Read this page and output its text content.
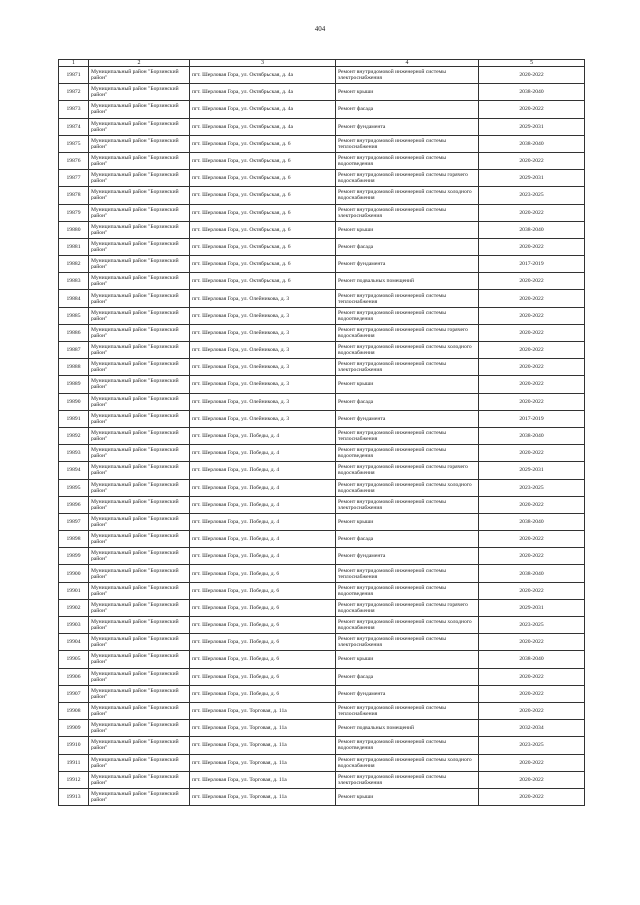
404
1	2	3	4	5
19871	Муниципальный район "Борзинский район"	пгт. Шерловая Гора, ул. Октябрьская, д. 4а	Ремонт внутридомовой инженерной системы электроснабжения	2020-2022
19872	Муниципальный район "Борзинский район"	пгт. Шерловая Гора, ул. Октябрьская, д. 4а	Ремонт крыши	2038-2040
19873	Муниципальный район "Борзинский район"	пгт. Шерловая Гора, ул. Октябрьская, д. 4а	Ремонт фасада	2020-2022
19874	Муниципальный район "Борзинский район"	пгт. Шерловая Гора, ул. Октябрьская, д. 4а	Ремонт фундамента	2029-2031
19875	Муниципальный район "Борзинский район"	пгт. Шерловая Гора, ул. Октябрьская, д. 6	Ремонт внутридомовой инженерной системы теплоснабжения	2038-2040
19876	Муниципальный район "Борзинский район"	пгт. Шерловая Гора, ул. Октябрьская, д. 6	Ремонт внутридомовой инженерной системы водоотведения	2020-2022
19877	Муниципальный район "Борзинский район"	пгт. Шерловая Гора, ул. Октябрьская, д. 6	Ремонт внутридомовой инженерной системы горячего водоснабжения	2029-2031
19878	Муниципальный район "Борзинский район"	пгт. Шерловая Гора, ул. Октябрьская, д. 6	Ремонт внутридомовой инженерной системы холодного водоснабжения	2023-2025
19879	Муниципальный район "Борзинский район"	пгт. Шерловая Гора, ул. Октябрьская, д. 6	Ремонт внутридомовой инженерной системы электроснабжения	2020-2022
19880	Муниципальный район "Борзинский район"	пгт. Шерловая Гора, ул. Октябрьская, д. 6	Ремонт крыши	2038-2040
19881	Муниципальный район "Борзинский район"	пгт. Шерловая Гора, ул. Октябрьская, д. 6	Ремонт фасада	2020-2022
19882	Муниципальный район "Борзинский район"	пгт. Шерловая Гора, ул. Октябрьская, д. 6	Ремонт фундамента	2017-2019
19883	Муниципальный район "Борзинский район"	пгт. Шерловая Гора, ул. Октябрьская, д. 6	Ремонт подвальных помещений	2020-2022
19884	Муниципальный район "Борзинский район"	пгт. Шерловая Гора, ул. Олейникова, д. 3	Ремонт внутридомовой инженерной системы теплоснабжения	2020-2022
19885	Муниципальный район "Борзинский район"	пгт. Шерловая Гора, ул. Олейникова, д. 3	Ремонт внутридомовой инженерной системы водоотведения	2020-2022
19886	Муниципальный район "Борзинский район"	пгт. Шерловая Гора, ул. Олейникова, д. 3	Ремонт внутридомовой инженерной системы горячего водоснабжения	2020-2022
19887	Муниципальный район "Борзинский район"	пгт. Шерловая Гора, ул. Олейникова, д. 3	Ремонт внутридомовой инженерной системы холодного водоснабжения	2020-2022
19888	Муниципальный район "Борзинский район"	пгт. Шерловая Гора, ул. Олейникова, д. 3	Ремонт внутридомовой инженерной системы электроснабжения	2020-2022
19889	Муниципальный район "Борзинский район"	пгт. Шерловая Гора, ул. Олейникова, д. 3	Ремонт крыши	2020-2022
19890	Муниципальный район "Борзинский район"	пгт. Шерловая Гора, ул. Олейникова, д. 3	Ремонт фасада	2020-2022
19891	Муниципальный район "Борзинский район"	пгт. Шерловая Гора, ул. Олейникова, д. 3	Ремонт фундамента	2017-2019
19892	Муниципальный район "Борзинский район"	пгт. Шерловая Гора, ул. Победы, д. 4	Ремонт внутридомовой инженерной системы теплоснабжения	2038-2040
19893	Муниципальный район "Борзинский район"	пгт. Шерловая Гора, ул. Победы, д. 4	Ремонт внутридомовой инженерной системы водоотведения	2020-2022
19894	Муниципальный район "Борзинский район"	пгт. Шерловая Гора, ул. Победы, д. 4	Ремонт внутридомовой инженерной системы горячего водоснабжения	2029-2031
19895	Муниципальный район "Борзинский район"	пгт. Шерловая Гора, ул. Победы, д. 4	Ремонт внутридомовой инженерной системы холодного водоснабжения	2023-2025
19896	Муниципальный район "Борзинский район"	пгт. Шерловая Гора, ул. Победы, д. 4	Ремонт внутридомовой инженерной системы электроснабжения	2020-2022
19897	Муниципальный район "Борзинский район"	пгт. Шерловая Гора, ул. Победы, д. 4	Ремонт крыши	2038-2040
19898	Муниципальный район "Борзинский район"	пгт. Шерловая Гора, ул. Победы, д. 4	Ремонт фасада	2020-2022
19899	Муниципальный район "Борзинский район"	пгт. Шерловая Гора, ул. Победы, д. 4	Ремонт фундамента	2020-2022
19900	Муниципальный район "Борзинский район"	пгт. Шерловая Гора, ул. Победы, д. 6	Ремонт внутридомовой инженерной системы теплоснабжения	2038-2040
19901	Муниципальный район "Борзинский район"	пгт. Шерловая Гора, ул. Победы, д. 6	Ремонт внутридомовой инженерной системы водоотведения	2020-2022
19902	Муниципальный район "Борзинский район"	пгт. Шерловая Гора, ул. Победы, д. 6	Ремонт внутридомовой инженерной системы горячего водоснабжения	2029-2031
19903	Муниципальный район "Борзинский район"	пгт. Шерловая Гора, ул. Победы, д. 6	Ремонт внутридомовой инженерной системы холодного водоснабжения	2023-2025
19904	Муниципальный район "Борзинский район"	пгт. Шерловая Гора, ул. Победы, д. 6	Ремонт внутридомовой инженерной системы электроснабжения	2020-2022
19905	Муниципальный район "Борзинский район"	пгт. Шерловая Гора, ул. Победы, д. 6	Ремонт крыши	2038-2040
19906	Муниципальный район "Борзинский район"	пгт. Шерловая Гора, ул. Победы, д. 6	Ремонт фасада	2020-2022
19907	Муниципальный район "Борзинский район"	пгт. Шерловая Гора, ул. Победы, д. 6	Ремонт фундамента	2020-2022
19908	Муниципальный район "Борзинский район"	пгт. Шерловая Гора, ул. Торговая, д. 11а	Ремонт внутридомовой инженерной системы теплоснабжения	2020-2022
19909	Муниципальный район "Борзинский район"	пгт. Шерловая Гора, ул. Торговая, д. 11а	Ремонт подвальных помещений	2032-2034
19910	Муниципальный район "Борзинский район"	пгт. Шерловая Гора, ул. Торговая, д. 11а	Ремонт внутридомовой инженерной системы водоотведения	2023-2025
19911	Муниципальный район "Борзинский район"	пгт. Шерловая Гора, ул. Торговая, д. 11а	Ремонт внутридомовой инженерной системы холодного водоснабжения	2020-2022
19912	Муниципальный район "Борзинский район"	пгт. Шерловая Гора, ул. Торговая, д. 11а	Ремонт внутридомовой инженерной системы электроснабжения	2020-2022
19913	Муниципальный район "Борзинский район"	пгт. Шерловая Гора, ул. Торговая, д. 11а	Ремонт крыши	2020-2022
